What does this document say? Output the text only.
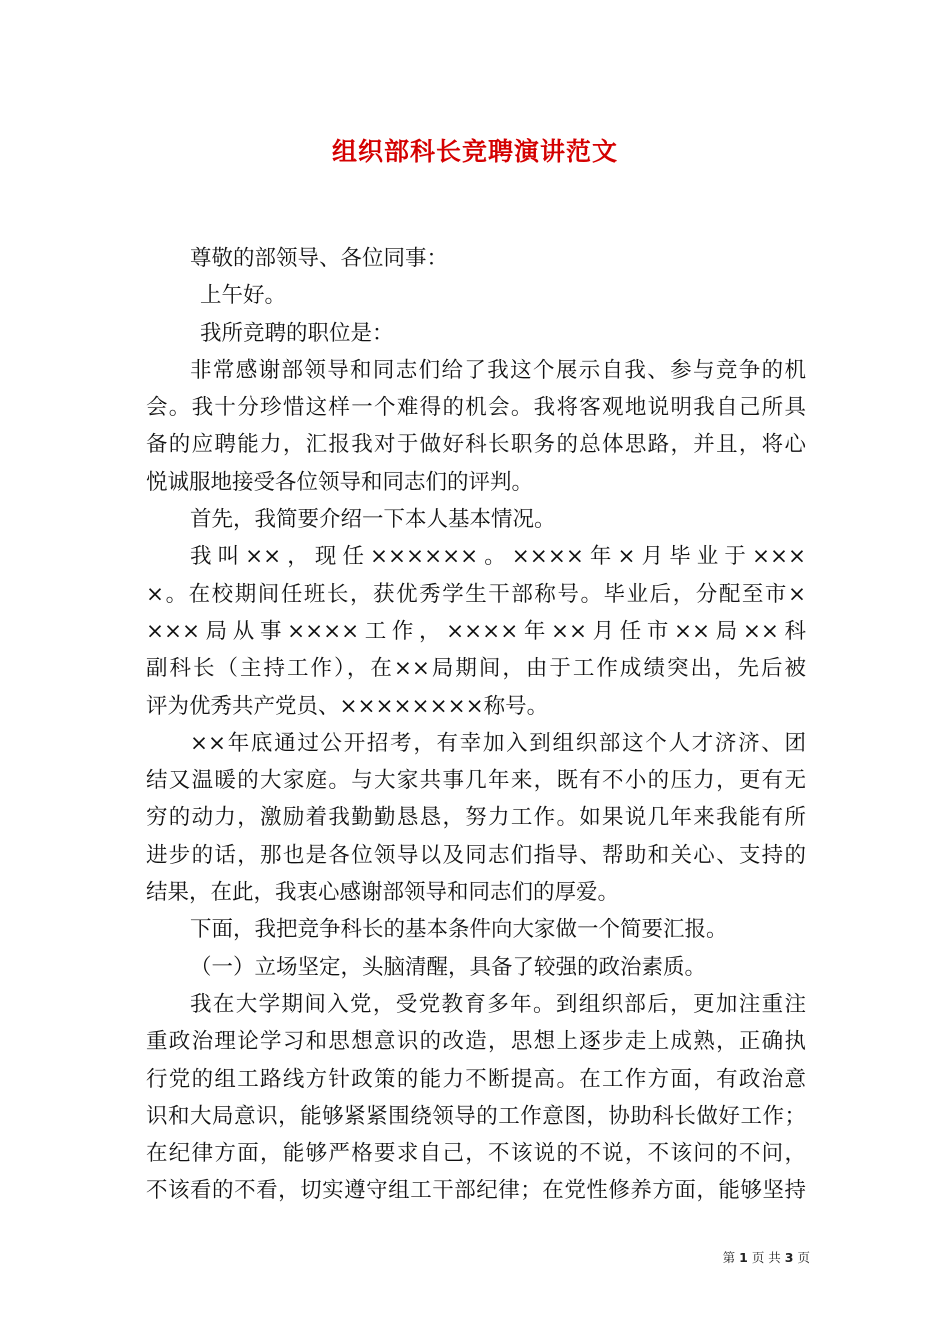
组织部科长竞聘演讲范文
尊敬的部领导、各位同事：
上午好。
我所竞聘的职位是：
非常感谢部领导和同志们给了我这个展示自我、参与竞争的机
会。我十分珍惜这样一个难得的机会。我将客观地说明我自己所具
备的应聘能力，汇报我对于做好科长职务的总体思路，并且，将心
悦诚服地接受各位领导和同志们的评判。
首先，我简要介绍一下本人基本情况。
我叫××，现任××××××。××××年×月毕业于×××
×。在校期间任班长，获优秀学生干部称号。毕业后，分配至市×
×××局从事××××工作，××××年××月任市××局××科
副科长（主持工作），在××局期间，由于工作成绩突出，先后被
评为优秀共产党员、××××××××称号。
××年底通过公开招考，有幸加入到组织部这个人才济济、团
结又温暖的大家庭。与大家共事几年来，既有不小的压力，更有无
穷的动力，激励着我勤勤恳恳，努力工作。如果说几年来我能有所
进步的话，那也是各位领导以及同志们指导、帮助和关心、支持的
结果，在此，我衷心感谢部领导和同志们的厚爱。
下面，我把竞争科长的基本条件向大家做一个简要汇报。
（一）立场坚定，头脑清醒，具备了较强的政治素质。
我在大学期间入党，受党教育多年。到组织部后，更加注重注
重政治理论学习和思想意识的改造，思想上逐步走上成熟，正确执
行党的组工路线方针政策的能力不断提高。在工作方面，有政治意
识和大局意识，能够紧紧围绕领导的工作意图，协助科长做好工作；
在纪律方面，能够严格要求自己，不该说的不说，不该问的不问，
不该看的不看，切实遵守组工干部纪律；在党性修养方面，能够坚持
第 1 页 共 3 页
